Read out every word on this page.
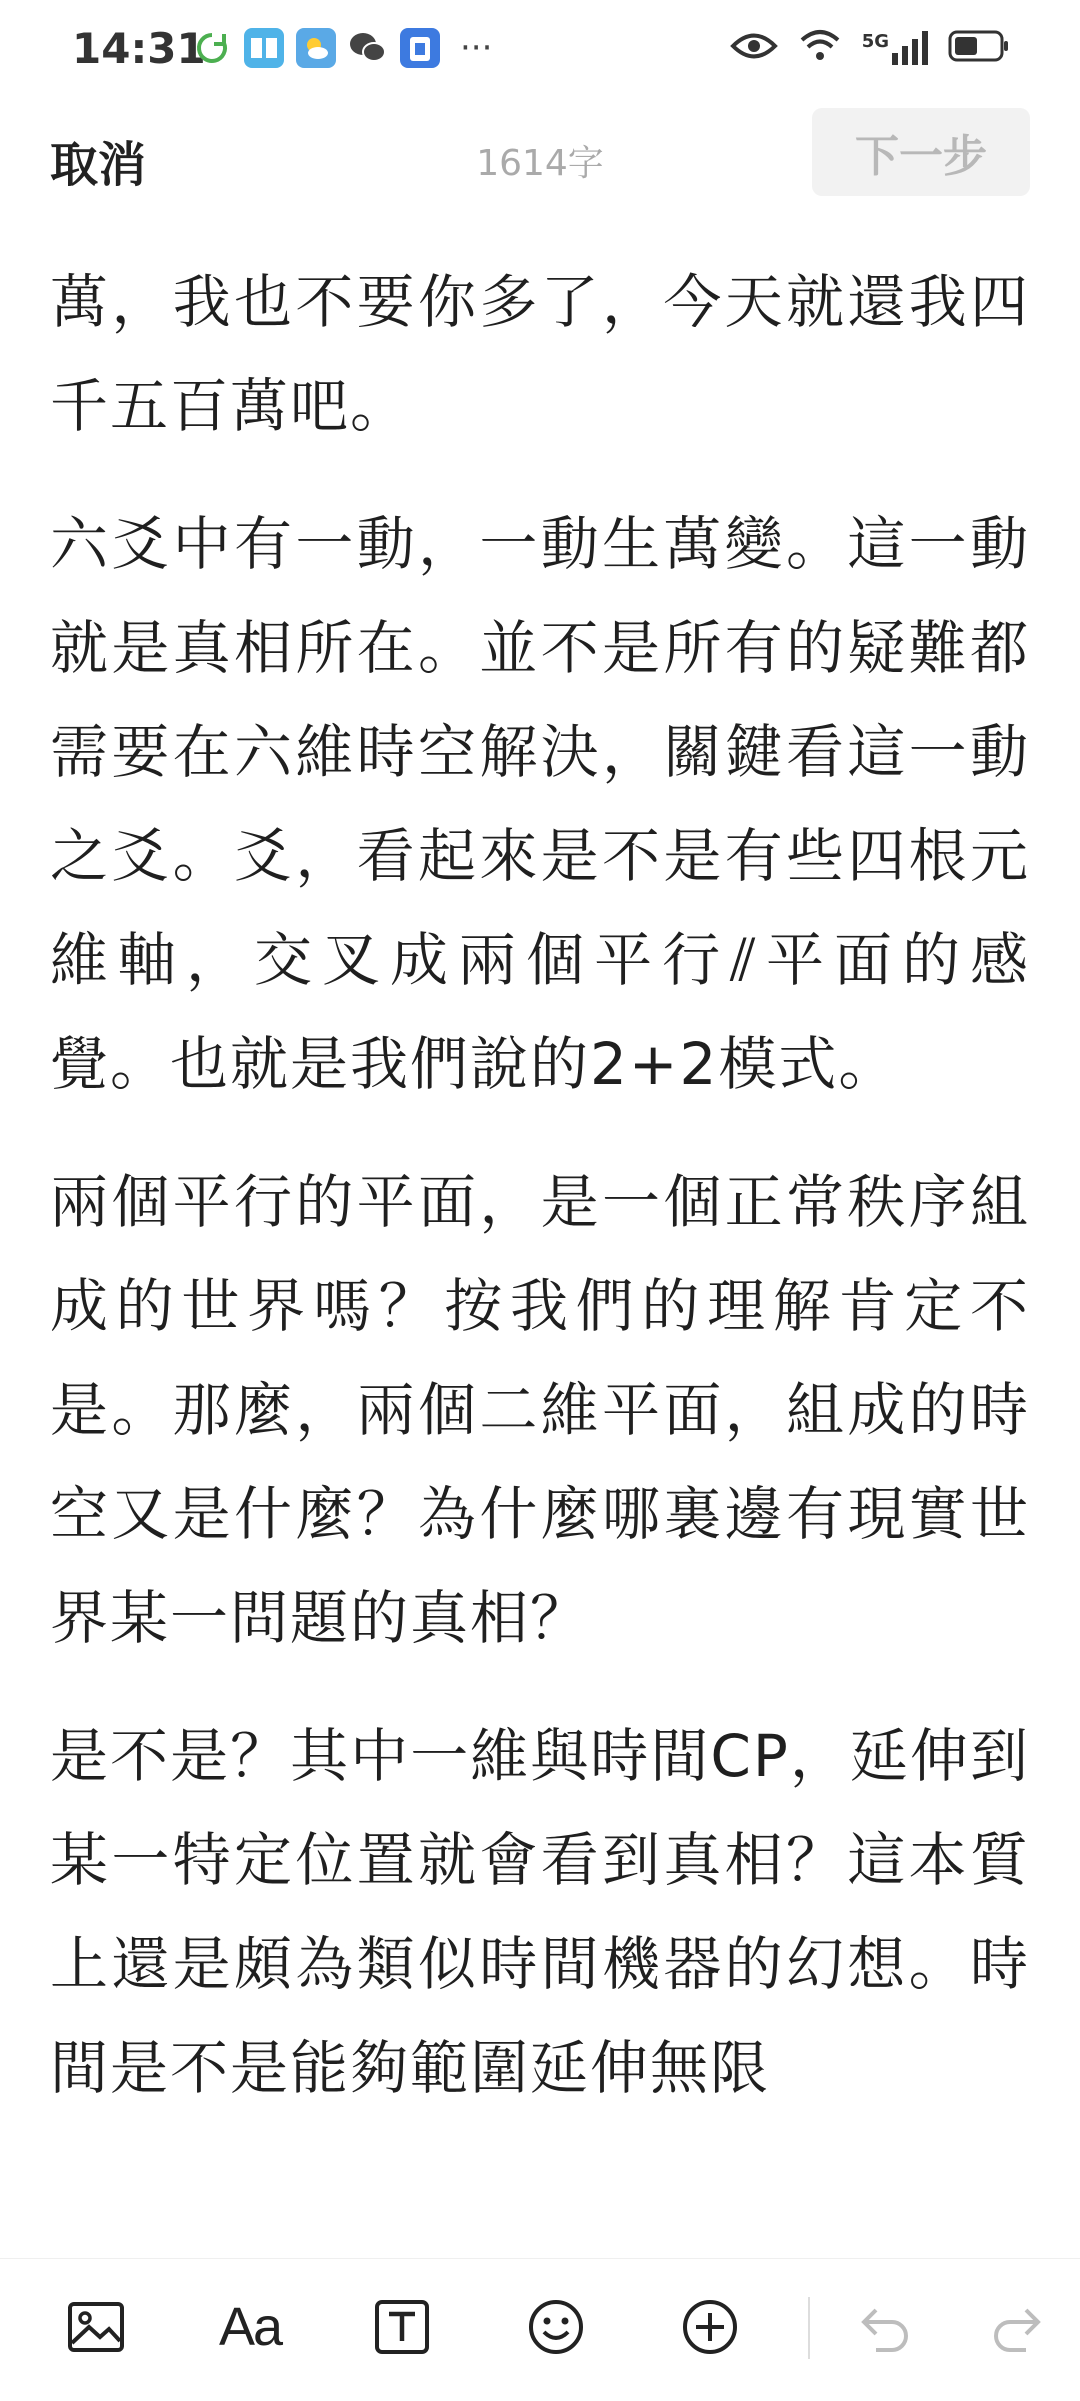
14:31	···	5G
取消	1614字	下一步

萬，我也不要你多了，今天就還我四千五百萬吧。

六爻中有一動，一動生萬變。這一動就是真相所在。並不是所有的疑難都需要在六維時空解決，關鍵看這一動之爻。爻，看起來是不是有些四根元維軸，交叉成兩個平行⫽平面的感覺。也就是我們說的2+2模式。

兩個平行的平面，是一個正常秩序組成的世界嗎？按我們的理解肯定不是。那麼，兩個二維平面，組成的時空又是什麼？為什麼哪裏邊有現實世界某一問題的真相？

是不是？其中一維與時間CP，延伸到某一特定位置就會看到真相？這本質上還是頗為類似時間機器的幻想。時間是不是能夠範圍延伸無限

Aa
